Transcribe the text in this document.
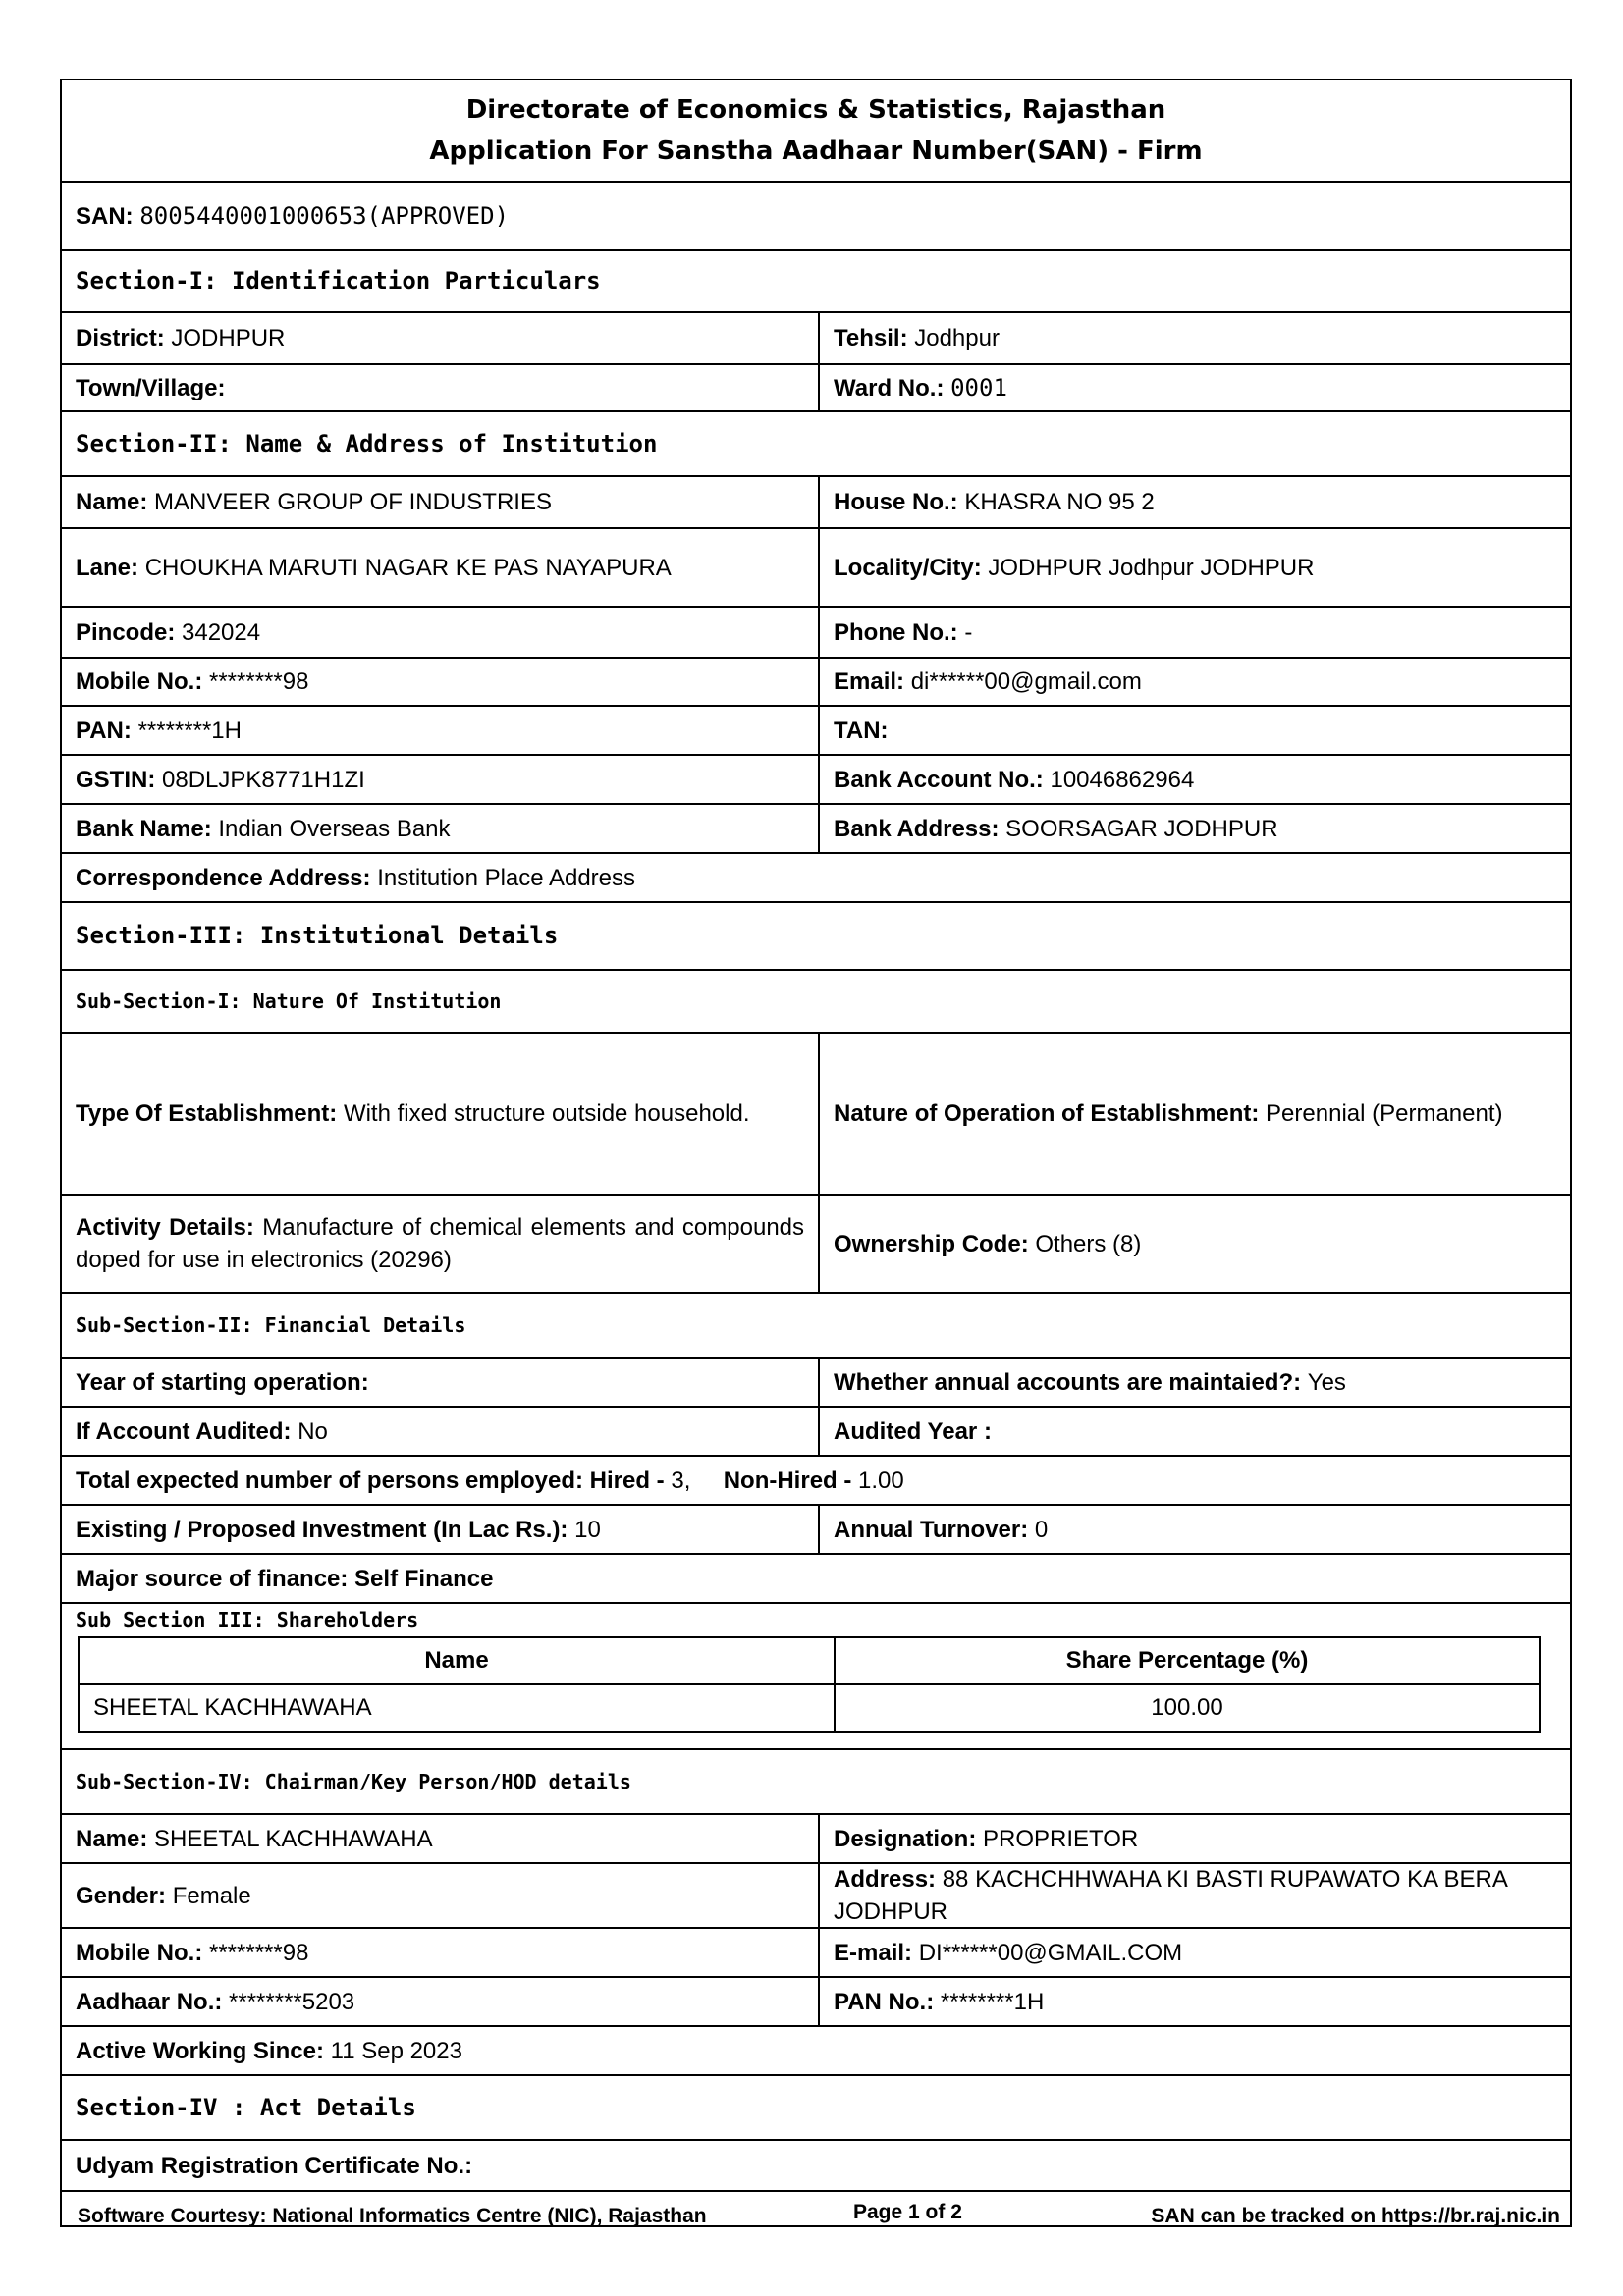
Directorate of Economics & Statistics, Rajasthan
Application For Sanstha Aadhaar Number(SAN) - Firm
SAN:
8005440001000653(APPROVED)
Section-I: Identification Particulars
District:
JODHPUR	Tehsil:
Jodhpur
Town/Village:
	Ward No.:
0001
Section-II: Name & Address of Institution
Name:
MANVEER GROUP OF INDUSTRIES	House No.:
KHASRA NO 95 2
Lane:
CHOUKHA MARUTI NAGAR KE PAS NAYAPURA	Locality/City:
JODHPUR Jodhpur JODHPUR
Pincode:
342024	Phone No.:
-
Mobile No.:
********98	Email:
di******00@gmail.com
PAN:
********1H	TAN:

GSTIN:
08DLJPK8771H1ZI	Bank Account No.:
10046862964
Bank Name:
Indian Overseas Bank	Bank Address:
SOORSAGAR JODHPUR
Correspondence Address:
Institution Place Address
Section-III: Institutional Details
Sub-Section-I: Nature Of Institution
Type Of Establishment: With fixed structure outside household.	Nature of Operation of Establishment: Perennial (Permanent)
Activity Details: Manufacture of chemical elements and compounds doped for use in electronics (20296)
Ownership Code:
Others (8)
Sub-Section-II: Financial Details
Year of starting operation:
	Whether annual accounts are maintaied?:
Yes
If Account Audited:
No	Audited Year :

Total expected number of persons employed: Hired -
3,
Non-Hired -
1.00
Existing / Proposed Investment (In Lac Rs.):
10	Annual Turnover:
0
Major source of finance: Self Finance
Sub Section III: Shareholders
Name	Share Percentage (%)
SHEETAL KACHHAWAHA	100.00
Sub-Section-IV: Chairman/Key Person/HOD details
Name:
SHEETAL KACHHAWAHA	Designation:
PROPRIETOR
Gender:
Female
Address: 88 KACHCHHWAHA KI BASTI RUPAWATO KA BERA JODHPUR
Mobile No.:
********98	E-mail:
DI******00@GMAIL.COM
Aadhaar No.:
********5203	PAN No.:
********1H
Active Working Since:
11 Sep 2023
Section-IV : Act Details
Udyam Registration Certificate No.:

Software Courtesy: National Informatics Centre (NIC), Rajasthan	Page 1 of 2	SAN can be tracked on https://br.raj.nic.in
